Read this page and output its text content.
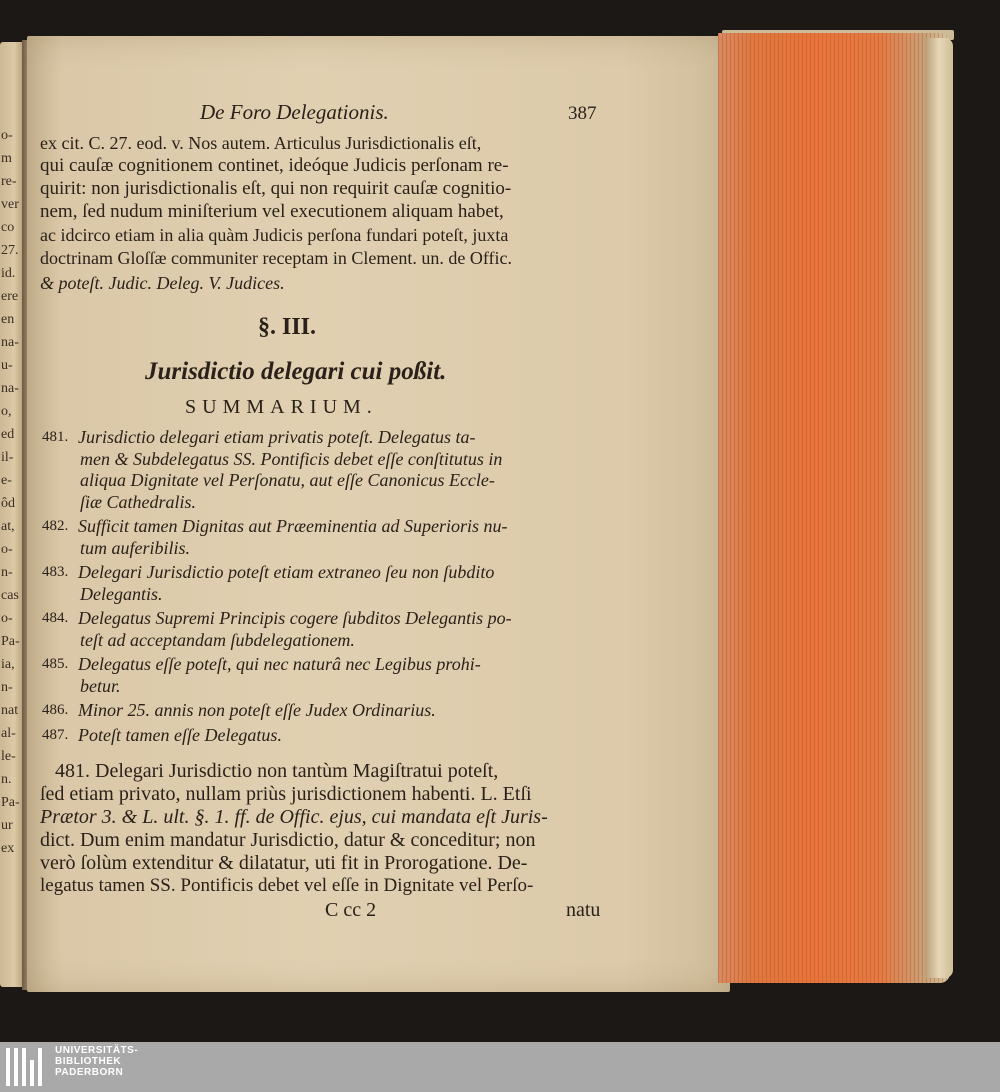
o-
m
re-
ver
co
27.
id.
ere
en
na-
u-
na-
o,
ed
il-
e-
ôd
at,
o-
n-
cas
o-
Pa-
ia,
n-
nat
al-
le-
n.
Pa-
ur
ex
De Foro Delegationis.	387
ex cit. C. 27. eod. v. Nos autem. Articulus Jurisdictionalis eſt,
qui cauſæ cognitionem continet, ideóque Judicis perſonam re-
quirit: non jurisdictionalis eſt, qui non requirit cauſæ cognitio-
nem, ſed nudum miniſterium vel executionem aliquam habet,
ac idcirco etiam in alia quàm Judicis perſona fundari poteſt, juxta
doctrinam Gloſſæ communiter receptam in Clement. un. de Offic.
& poteſt. Judic. Deleg. V. Judices.
§. III.
Jurisdictio delegari cui poßit.
SUMMARIUM.
481. Jurisdictio delegari etiam privatis poteſt. Delegatus ta-
men & Subdelegatus SS. Pontificis debet eſſe conſtitutus in
aliqua Dignitate vel Perſonatu, aut eſſe Canonicus Eccle-
ſiæ Cathedralis.
482. Sufficit tamen Dignitas aut Præeminentia ad Superioris nu-
tum auferibilis.
483. Delegari Jurisdictio poteſt etiam extraneo ſeu non ſubdito
Delegantis.
484. Delegatus Supremi Principis cogere ſubditos Delegantis po-
teſt ad acceptandam ſubdelegationem.
485. Delegatus eſſe poteſt, qui nec naturâ nec Legibus prohi-
betur.
486. Minor 25. annis non poteſt eſſe Judex Ordinarius.
487. Poteſt tamen eſſe Delegatus.
481. Delegari Jurisdictio non tantùm Magiſtratui poteſt,
ſed etiam privato, nullam priùs jurisdictionem habenti. L. Etſi
Prætor 3. & L. ult. §. 1. ff. de Offic. ejus, cui mandata eſt Juris-
dict. Dum enim mandatur Jurisdictio, datur & conceditur; non
verò ſolùm extenditur & dilatatur, uti fit in Prorogatione. De-
legatus tamen SS. Pontificis debet vel eſſe in Dignitate vel Perſo-
C cc 2	natu
UNIVERSITÄTS-
BIBLIOTHEK
PADERBORN
